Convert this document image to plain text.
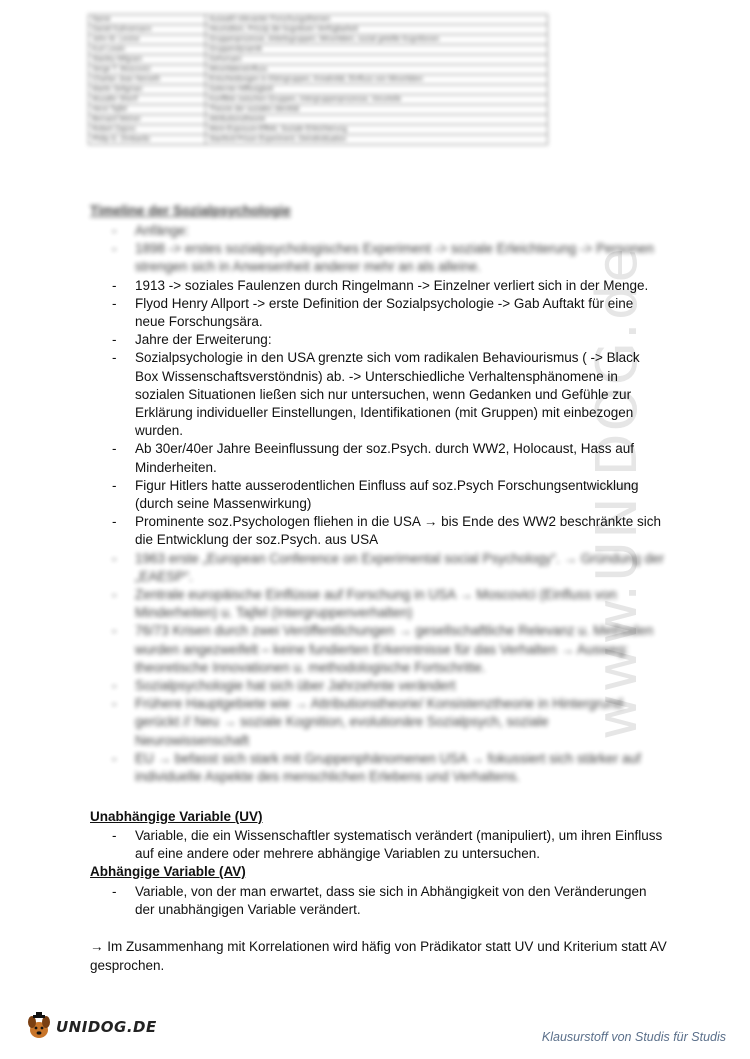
www.UNIDOG.de
Name	Auswahl relevanter Forschungsthemen
Daniel Kahnemann	Heuristiken, Prinzip der kognitiven Verfügbarkeit
John M. Levine	Gruppenprozesse, Arbeitsgruppen, Minoritäten, sozial geteilte Kognitionen
Kurt Lewin	Gruppendynamik
Stanley Milgram	Gehorsam
Serge T. Moscovici	Minoritäteneinfluss
Charlan Jean Nemeth	Entscheidungen in Kleingruppen, Kreativität, Einfluss von Minoritäten
Martin Seligman	Gelernte Hilflosigkeit
Muzafer Sherif	Konflikte zwischen Gruppen, Intergruppenprozesse, Vorurteile
Henri Tajfel	Theorie der sozialen Identität
Bernard Weiner	Attributionstheorie
Robert Zajonc	Mere-Exposure-Effekt, Soziale Erleichterung
Philip G. Zimbardo	Stanford Prison Experiment, Deindividuation
Timeline der Sozialpsychologie
- Anfänge:
- 1898 -> erstes sozialpsychologisches Experiment -> soziale Erleichterung -> Personen strengen sich in Anwesenheit anderer mehr an als alleine.
- 1913 -> soziales Faulenzen durch Ringelmann -> Einzelner verliert sich in der Menge.
- Flyod Henry Allport -> erste Definition der Sozialpsychologie -> Gab Auftakt für eine neue Forschungsära.
- Jahre der Erweiterung:
- Sozialpsychologie in den USA grenzte sich vom radikalen Behaviourismus ( -> Black Box Wissenschaftsverstöndnis) ab. -> Unterschiedliche Verhaltensphänomene in sozialen Situationen ließen sich nur untersuchen, wenn Gedanken und Gefühle zur Erklärung individueller Einstellungen, Identifikationen (mit Gruppen) mit einbezogen wurden.
- Ab 30er/40er Jahre Beeinflussung der soz.Psych. durch WW2, Holocaust, Hass auf Minderheiten.
- Figur Hitlers hatte ausserodentlichen Einfluss auf soz.Psych Forschungsentwicklung (durch seine Massenwirkung)
- Prominente soz.Psychologen fliehen in die USA → bis Ende des WW2 beschränkte sich die Entwicklung der soz.Psych. aus USA
- 1963 erste „European Conference on Experimental social Psychology“. → Gründung der „EAESP“.
- Zentrale europäische Einflüsse auf Forschung in USA → Moscovici (Einfluss von Minderheiten) u. Tajfel (Intergruppenverhalten)
- 76/73 Krisen durch zwei Veröffentlichungen → gesellschaftliche Relevanz u. Methoden wurden angezweifelt – keine fundierten Erkenntnisse für das Verhalten → Ausweg: theoretische Innovationen u. methodologische Fortschritte.
- Sozialpsychologie hat sich über Jahrzehnte verändert
- Frühere Hauptgebiete wie → Attributionstheorie/ Konsistenztheorie in Hintergrund gerückt // Neu → soziale Kognition, evolutionäre Sozialpsych, soziale Neurowissenschaft
- EU → befasst sich stark mit Gruppenphänomenen USA → fokussiert sich stärker auf individuelle Aspekte des menschlichen Erlebens und Verhaltens.
Unabhängige Variable (UV)
- Variable, die ein Wissenschaftler systematisch verändert (manipuliert), um ihren Einfluss auf eine andere oder mehrere abhängige Variablen zu untersuchen.
Abhängige Variable (AV)
- Variable, von der man erwartet, dass sie sich in Abhängigkeit von den Veränderungen der unabhängigen Variable verändert.

→ Im Zusammenhang mit Korrelationen wird häfig von Prädikator statt UV und Kriterium statt AV gesprochen.

UNIDOG.DE
Klausurstoff von Studis für Studis
